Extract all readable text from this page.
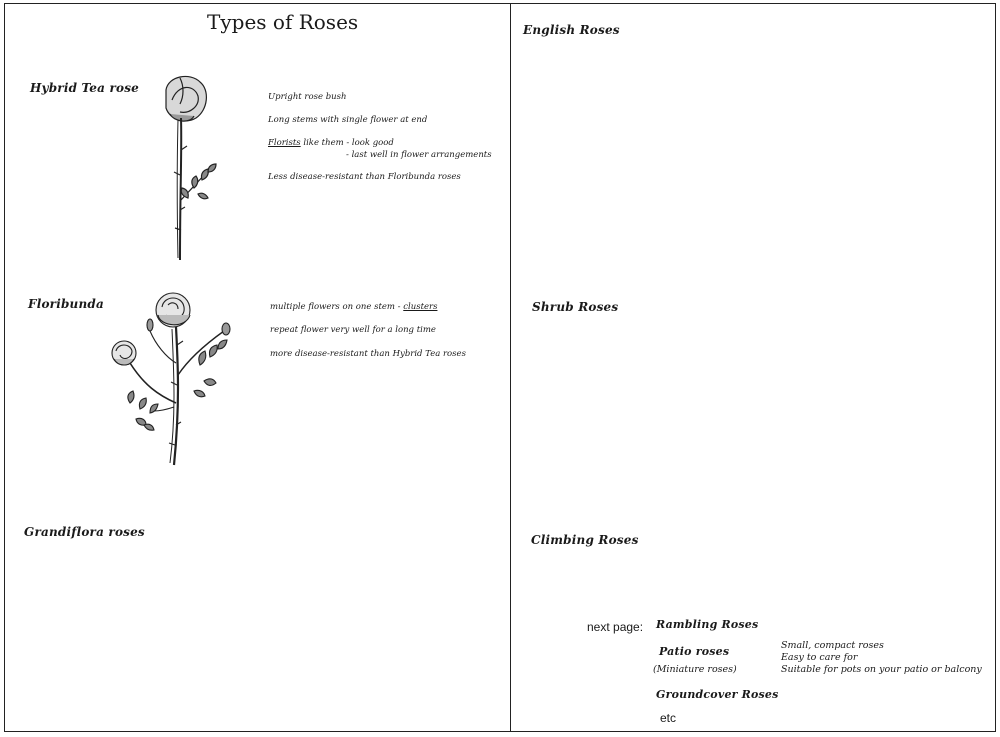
Types of Roses
Hybrid Tea rose
Upright rose bush
Long stems with single flower at end
Florists like them - look good
- last well in flower arrangements
Less disease-resistant than Floribunda roses
Floribunda	multiple flowers on one stem - clusters
repeat flower very well for a long time
more disease-resistant than Hybrid Tea roses
Grandiflora roses
English Roses
Shrub Roses
Climbing Roses
next page: Rambling Roses
Patio roses
(Miniature roses)
Small, compact roses
Easy to care for
Suitable for pots on your patio or balcony
Groundcover Roses
etc
